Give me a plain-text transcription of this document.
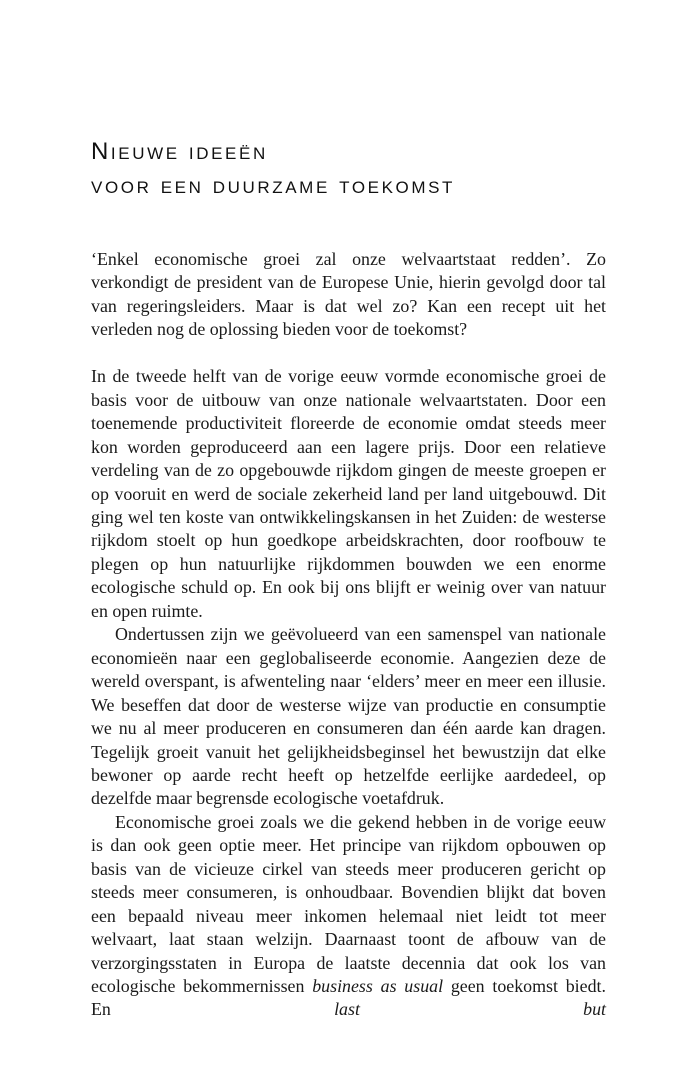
Nieuwe ideeën
voor een duurzame toekomst

‘Enkel economische groei zal onze welvaartstaat redden’. Zo verkondigt de president van de Europese Unie, hierin gevolgd door tal van regeringsleiders. Maar is dat wel zo? Kan een recept uit het verleden nog de oplossing bieden voor de toekomst?

In de tweede helft van de vorige eeuw vormde economische groei de basis voor de uitbouw van onze nationale welvaartstaten. Door een toenemende productiviteit floreerde de economie omdat steeds meer kon worden geproduceerd aan een lagere prijs. Door een relatieve verdeling van de zo opgebouwde rijkdom gingen de meeste groepen er op vooruit en werd de sociale zekerheid land per land uitgebouwd. Dit ging wel ten koste van ontwikkelingskansen in het Zuiden: de westerse rijkdom stoelt op hun goedkope arbeidskrachten, door roofbouw te plegen op hun natuurlijke rijkdommen bouwden we een enorme ecologische schuld op. En ook bij ons blijft er weinig over van natuur en open ruimte.

Ondertussen zijn we geëvolueerd van een samenspel van nationale economieën naar een geglobaliseerde economie. Aangezien deze de wereld overspant, is afwenteling naar ‘elders’ meer en meer een illusie. We beseffen dat door de westerse wijze van productie en consumptie we nu al meer produceren en consumeren dan één aarde kan dragen. Tegelijk groeit vanuit het gelijkheidsbeginsel het bewustzijn dat elke bewoner op aarde recht heeft op hetzelfde eerlijke aardedeel, op dezelfde maar begrensde ecologische voetafdruk.

Economische groei zoals we die gekend hebben in de vorige eeuw is dan ook geen optie meer. Het principe van rijkdom opbouwen op basis van de vicieuze cirkel van steeds meer produceren gericht op steeds meer consumeren, is onhoudbaar. Bovendien blijkt dat boven een bepaald niveau meer inkomen helemaal niet leidt tot meer welvaart, laat staan welzijn. Daarnaast toont de afbouw van de verzorgingsstaten in Europa de laatste decennia dat ook los van ecologische bekommernissen business as usual geen toekomst biedt. En	last but
